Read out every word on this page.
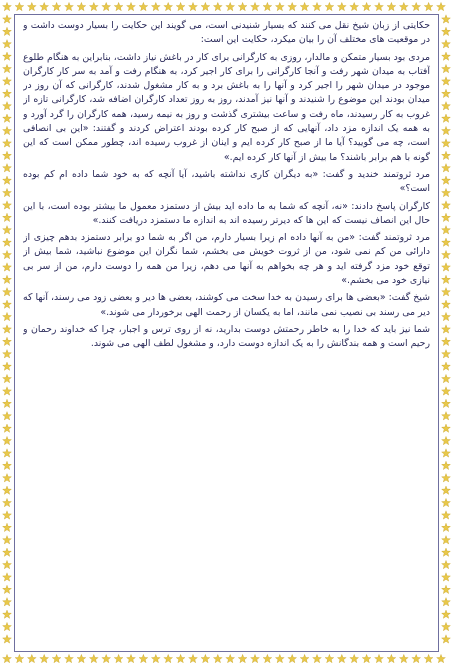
حکایتی از زبان شیخ نقل می کنند که بسیار شنیدنی است، می گویند این حکایت را بسیار دوست داشت و در موقعیت های مختلف آن را بیان میکرد، حکایت این است:

مردی بود بسیار متمکن و مالدار، روزی به کارگرانی برای کار در باغش نیاز داشت، بنابراین به هنگام طلوع آفتاب به میدان شهر رفت و آنجا کارگرانی را برای کار اجیر کرد، به هنگام رفت و آمد به سر کار کارگران موجود در میدان شهر را اجیر کرد و آنها را به باغش برد و به کار مشغول شدند، کارگرانی که آن روز در میدان بودند این موضوع را شنیدند و آنها نیز آمدند، روز به روز تعداد کارگران اضافه شد، کارگرانی تازه از غروب به کار رسیدند، ماه رفت و ساعت بیشتری گذشت و روز به نیمه رسید، همه کارگران را گرد آورد و به همه یک اندازه مزد داد، آنهایی که از صبح کار کرده بودند اعتراض کردند و گفتند: «این بی انصافی است، چه می گویید؟ آیا ما از صبح کار کرده ایم و اینان از غروب رسیده اند، چطور ممکن است که این گونه با هم برابر باشند؟ ما بیش از آنها کار کرده ایم.»

مرد ثروتمند خندید و گفت: «به دیگران کاری نداشته باشید، آیا آنچه که به خود شما داده ام کم بوده است؟»

کارگران پاسخ دادند: «نه، آنچه که شما به ما داده اید بیش از دستمزد معمول ما بیشتر بوده است، با این حال این انصاف نیست که این ها که دیرتر رسیده اند به اندازه ما دستمزد دریافت کنند.»

مرد ثروتمند گفت: «من به آنها داده ام زیرا بسیار دارم، من اگر به شما دو برابر دستمزد بدهم چیزی از دارائی من کم نمی شود، من از ثروت خویش می بخشم، شما نگران این موضوع نباشید، شما بیش از توقع خود مزد گرفته اید و هر چه بخواهم به آنها می دهم، زیرا من همه را دوست دارم، من از سر بی نیازی خود می بخشم.»

شیخ گفت: «بعضی ها برای رسیدن به خدا سخت می کوشند، بعضی ها دیر و بعضی زود می رسند، آنها که دیر می رسند بی نصیب نمی مانند، اما به یکسان از رحمت الهی برخوردار می شوند.»

شما نیز باید که خدا را به خاطر رحمتش دوست بدارید، نه از روی ترس و اجبار، چرا که خداوند رحمان و رحیم است و همه بندگانش را به یک اندازه دوست دارد، و مشغول لطف الهی می شوند.
